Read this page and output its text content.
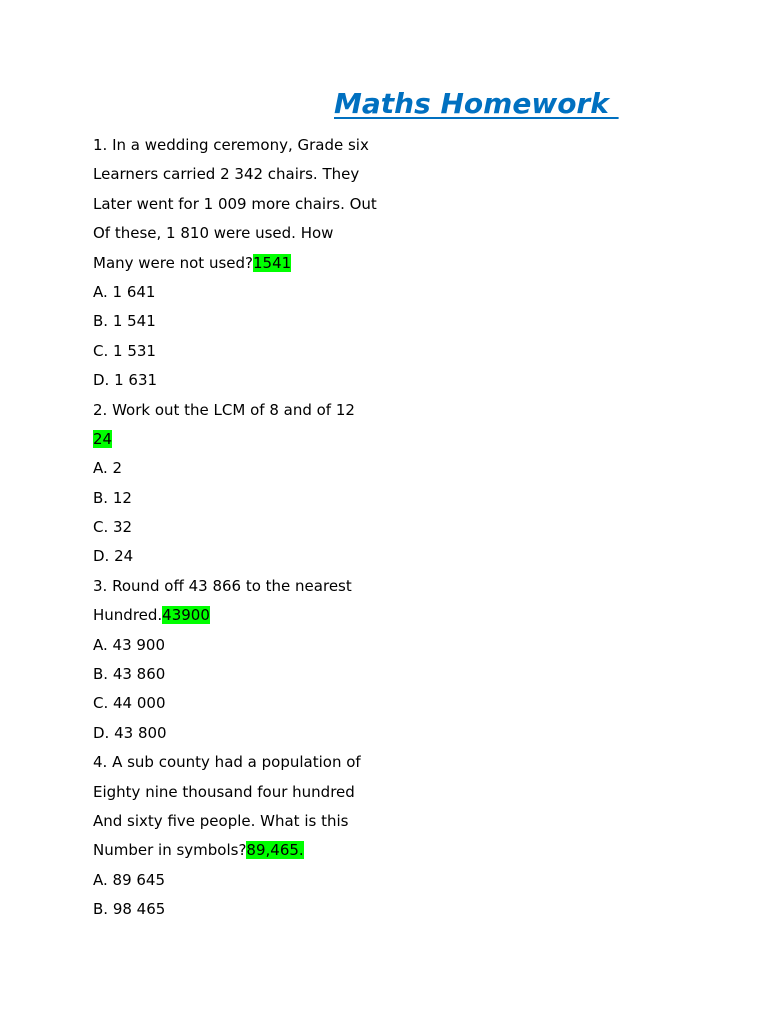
Maths Homework
1. In a wedding ceremony, Grade six
Learners carried 2 342 chairs. They
Later went for 1 009 more chairs. Out
Of these, 1 810 were used. How
Many were not used?1541
A. 1 641
B. 1 541
C. 1 531
D. 1 631
2. Work out the LCM of 8 and of 12
24
A. 2
B. 12
C. 32
D. 24
3. Round off 43 866 to the nearest
Hundred.43900
A. 43 900
B. 43 860
C. 44 000
D. 43 800
4. A sub county had a population of
Eighty nine thousand four hundred
And sixty five people. What is this
Number in symbols?89,465.
A. 89 645
B. 98 465
